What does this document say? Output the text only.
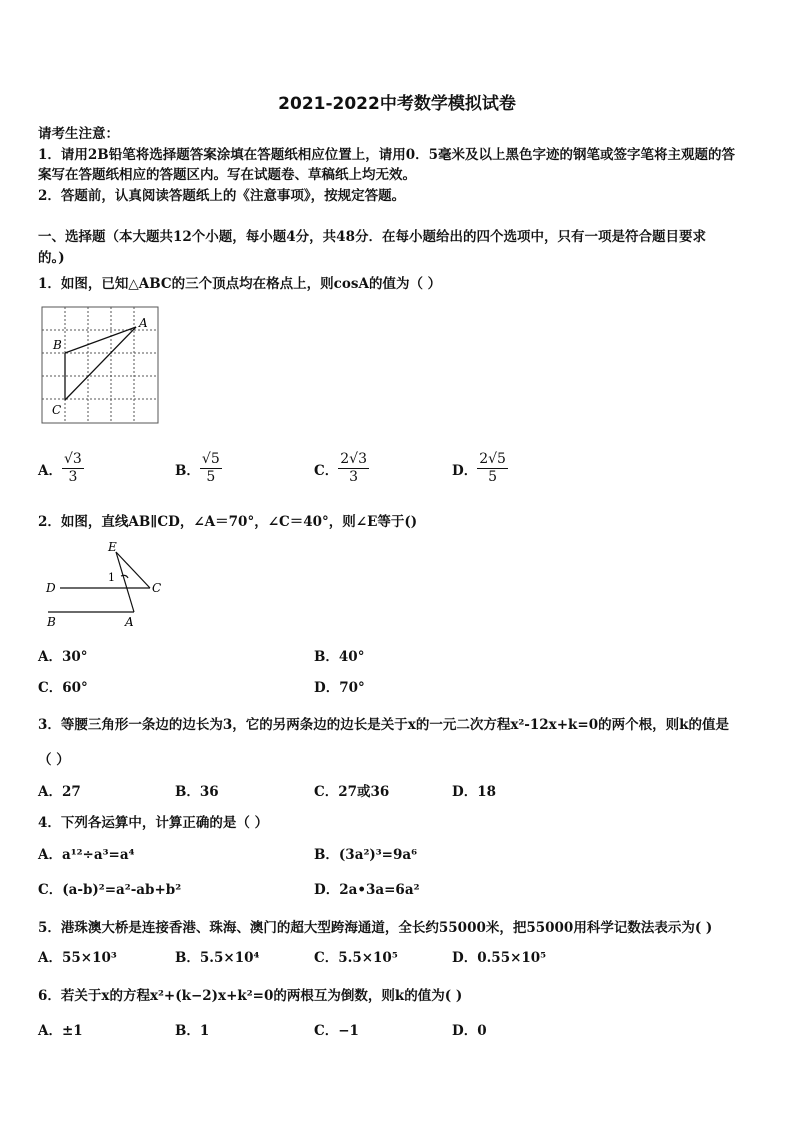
2021-2022中考数学模拟试卷
请考生注意：
1．请用2B铅笔将选择题答案涂填在答题纸相应位置上，请用0．5毫米及以上黑色字迹的钢笔或签字笔将主观题的答
案写在答题纸相应的答题区内。写在试题卷、草稿纸上均无效。
2．答题前，认真阅读答题纸上的《注意事项》，按规定答题。
一、选择题（本大题共12个小题，每小题4分，共48分．在每小题给出的四个选项中，只有一项是符合题目要求
的。)
1．如图，已知△ABC的三个顶点均在格点上，则cosA的值为（ ）
A
B
C
A． $\frac{√3}{3}$	B． $\frac{√5}{5}$	C． $\frac{2√3}{3}$	D． $\frac{2√5}{5}$
2．如图，直线AB∥CD，∠A＝70°，∠C＝40°，则∠E等于()
E
1
D	C
B	A
A．30°	B．40°
C．60°	D．70°
3．等腰三角形一条边的边长为3，它的另两条边的边长是关于x的一元二次方程x²-12x+k=0的两个根，则k的值是
（ ）
A．27	B．36	C．27或36	D．18
4．下列各运算中，计算正确的是（ ）
A．a¹²÷a³=a⁴	B．(3a²)³=9a⁶
C．(a-b)²=a²-ab+b²	D．2a•3a=6a²
5．港珠澳大桥是连接香港、珠海、澳门的超大型跨海通道，全长约55000米，把55000用科学记数法表示为( )
A．55×10³	B．5.5×10⁴	C．5.5×10⁵	D．0.55×10⁵
6．若关于x的方程x²+(k−2)x+k²=0的两根互为倒数，则k的值为( )
A．±1	B．1	C．−1	D．0
